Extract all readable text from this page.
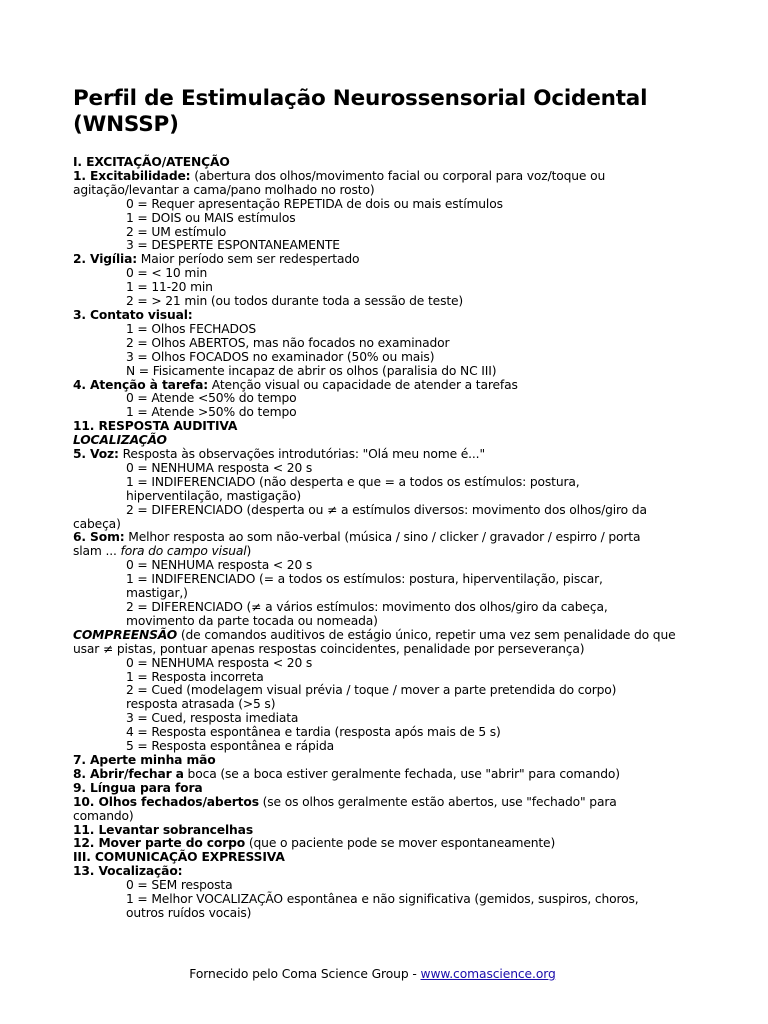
Perfil de Estimulação Neurossensorial Ocidental (WNSSP)
I. EXCITAÇÃO/ATENÇÃO
1. Excitabilidade: (abertura dos olhos/movimento facial ou corporal para voz/toque ou
agitação/levantar a cama/pano molhado no rosto)
0 = Requer apresentação REPETIDA de dois ou mais estímulos
1 = DOIS ou MAIS estímulos
2 = UM estímulo
3 = DESPERTE ESPONTANEAMENTE
2. Vigília: Maior período sem ser redespertado
0 = < 10 min
1 = 11-20 min
2 = > 21 min (ou todos durante toda a sessão de teste)
3. Contato visual:
1 = Olhos FECHADOS
2 = Olhos ABERTOS, mas não focados no examinador
3 = Olhos FOCADOS no examinador (50% ou mais)
N = Fisicamente incapaz de abrir os olhos (paralisia do NC III)
4. Atenção à tarefa: Atenção visual ou capacidade de atender a tarefas
0 = Atende <50% do tempo
1 = Atende >50% do tempo
11. RESPOSTA AUDITIVA
LOCALIZAÇÃO
5. Voz: Resposta às observações introdutórias: "Olá meu nome é..."
0 = NENHUMA resposta < 20 s
1 = INDIFERENCIADO (não desperta e que = a todos os estímulos: postura,
hiperventilação, mastigação)
2 = DIFERENCIADO (desperta ou ≠ a estímulos diversos: movimento dos olhos/giro da
cabeça)
6. Som: Melhor resposta ao som não-verbal (música / sino / clicker / gravador / espirro / porta
slam ... fora do campo visual)
0 = NENHUMA resposta < 20 s
1 = INDIFERENCIADO (= a todos os estímulos: postura, hiperventilação, piscar,
mastigar,)
2 = DIFERENCIADO (≠ a vários estímulos: movimento dos olhos/giro da cabeça,
movimento da parte tocada ou nomeada)
COMPREENSÃO (de comandos auditivos de estágio único, repetir uma vez sem penalidade do que
usar ≠ pistas, pontuar apenas respostas coincidentes, penalidade por perseverança)
0 = NENHUMA resposta < 20 s
1 = Resposta incorreta
2 = Cued (modelagem visual prévia / toque / mover a parte pretendida do corpo)
resposta atrasada (>5 s)
3 = Cued, resposta imediata
4 = Resposta espontânea e tardia (resposta após mais de 5 s)
5 = Resposta espontânea e rápida
7. Aperte minha mão
8. Abrir/fechar a boca (se a boca estiver geralmente fechada, use "abrir" para comando)
9. Língua para fora
10. Olhos fechados/abertos (se os olhos geralmente estão abertos, use "fechado" para
comando)
11. Levantar sobrancelhas
12. Mover parte do corpo (que o paciente pode se mover espontaneamente)
III. COMUNICAÇÃO EXPRESSIVA
13. Vocalização:
0 = SEM resposta
1 = Melhor VOCALIZAÇÃO espontânea e não significativa (gemidos, suspiros, choros,
outros ruídos vocais)
Fornecido pelo Coma Science Group - www.comascience.org
